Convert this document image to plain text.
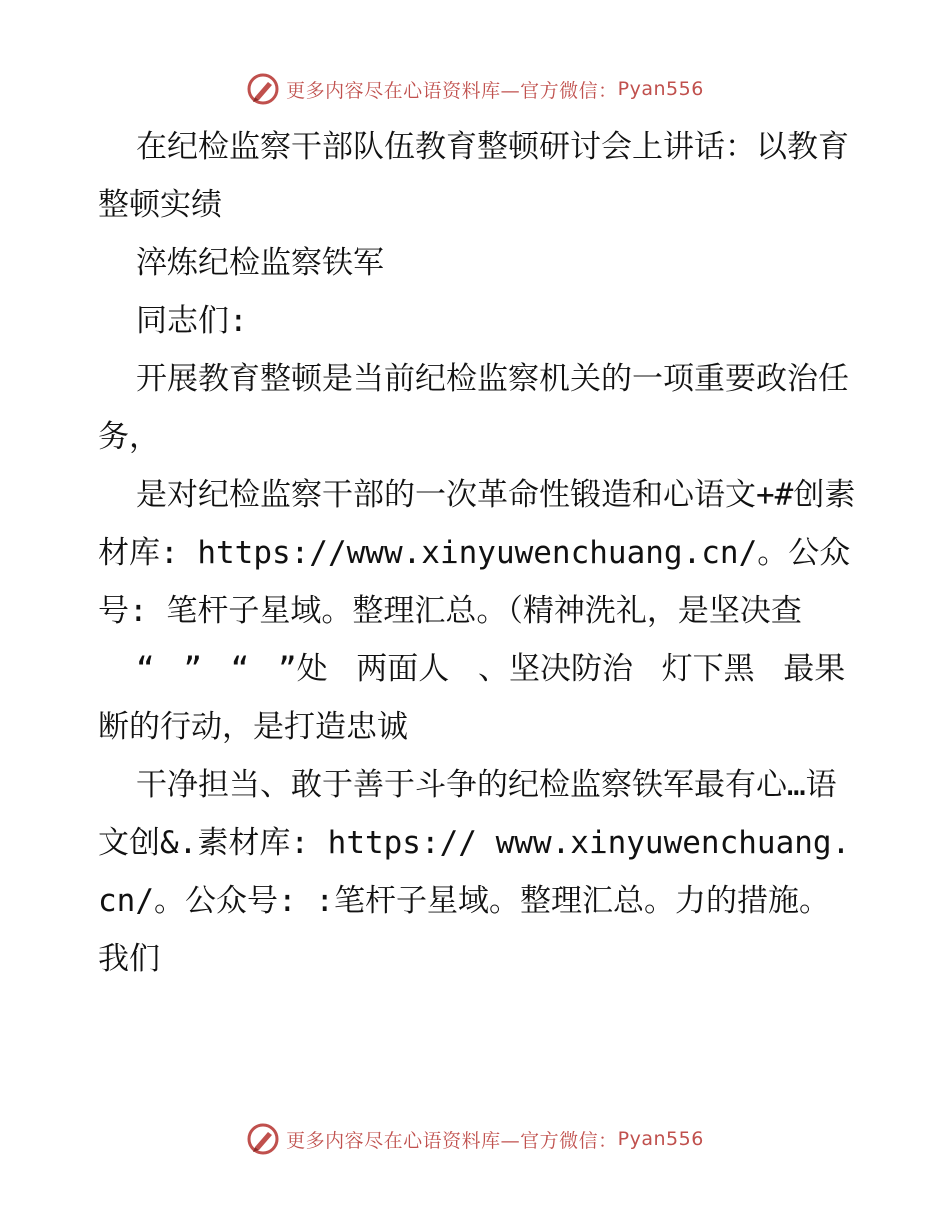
更多内容尽在心语资料库—官方微信： Pyan556

在纪检监察干部队伍教育整顿研讨会上讲话：以教育整顿实绩

淬炼纪检监察铁军

同志们:

开展教育整顿是当前纪检监察机关的一项重要政治任务，

是对纪检监察干部的一次革命性锻造和心语文+#创素材库: https://www.xinyuwenchuang.cn/。公众号: 笔杆子星域。整理汇总。（精神洗礼，是坚决查

“ ” “ ”处 两面人 、坚决防治 灯下黑 最果断的行动，是打造忠诚

干净担当、敢于善于斗争的纪检监察铁军最有心…语文创&.素材库: https:// www.xinyuwenchuang.cn/。公众号: :笔杆子星域。整理汇总。力的措施。我们

更多内容尽在心语资料库—官方微信： Pyan556
